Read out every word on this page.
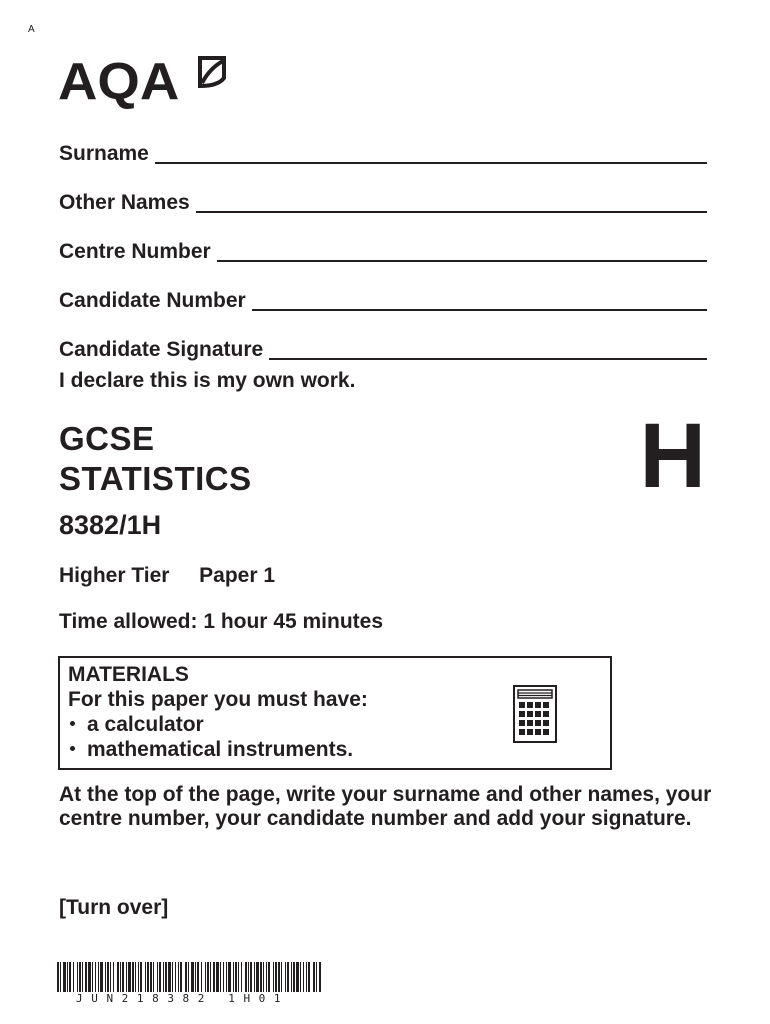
A
AQA
Surname
Other Names
Centre Number
Candidate Number
Candidate Signature
I declare this is my own work.
GCSE
STATISTICS	H
8382/1H
Higher Tier Paper 1
Time allowed: 1 hour 45 minutes
MATERIALS
For this paper you must have:
a calculator
mathematical instruments.
At the top of the page, write your surname and other names, your centre number, your candidate number and add your signature.
[Turn over]
JUN218382 1H01
